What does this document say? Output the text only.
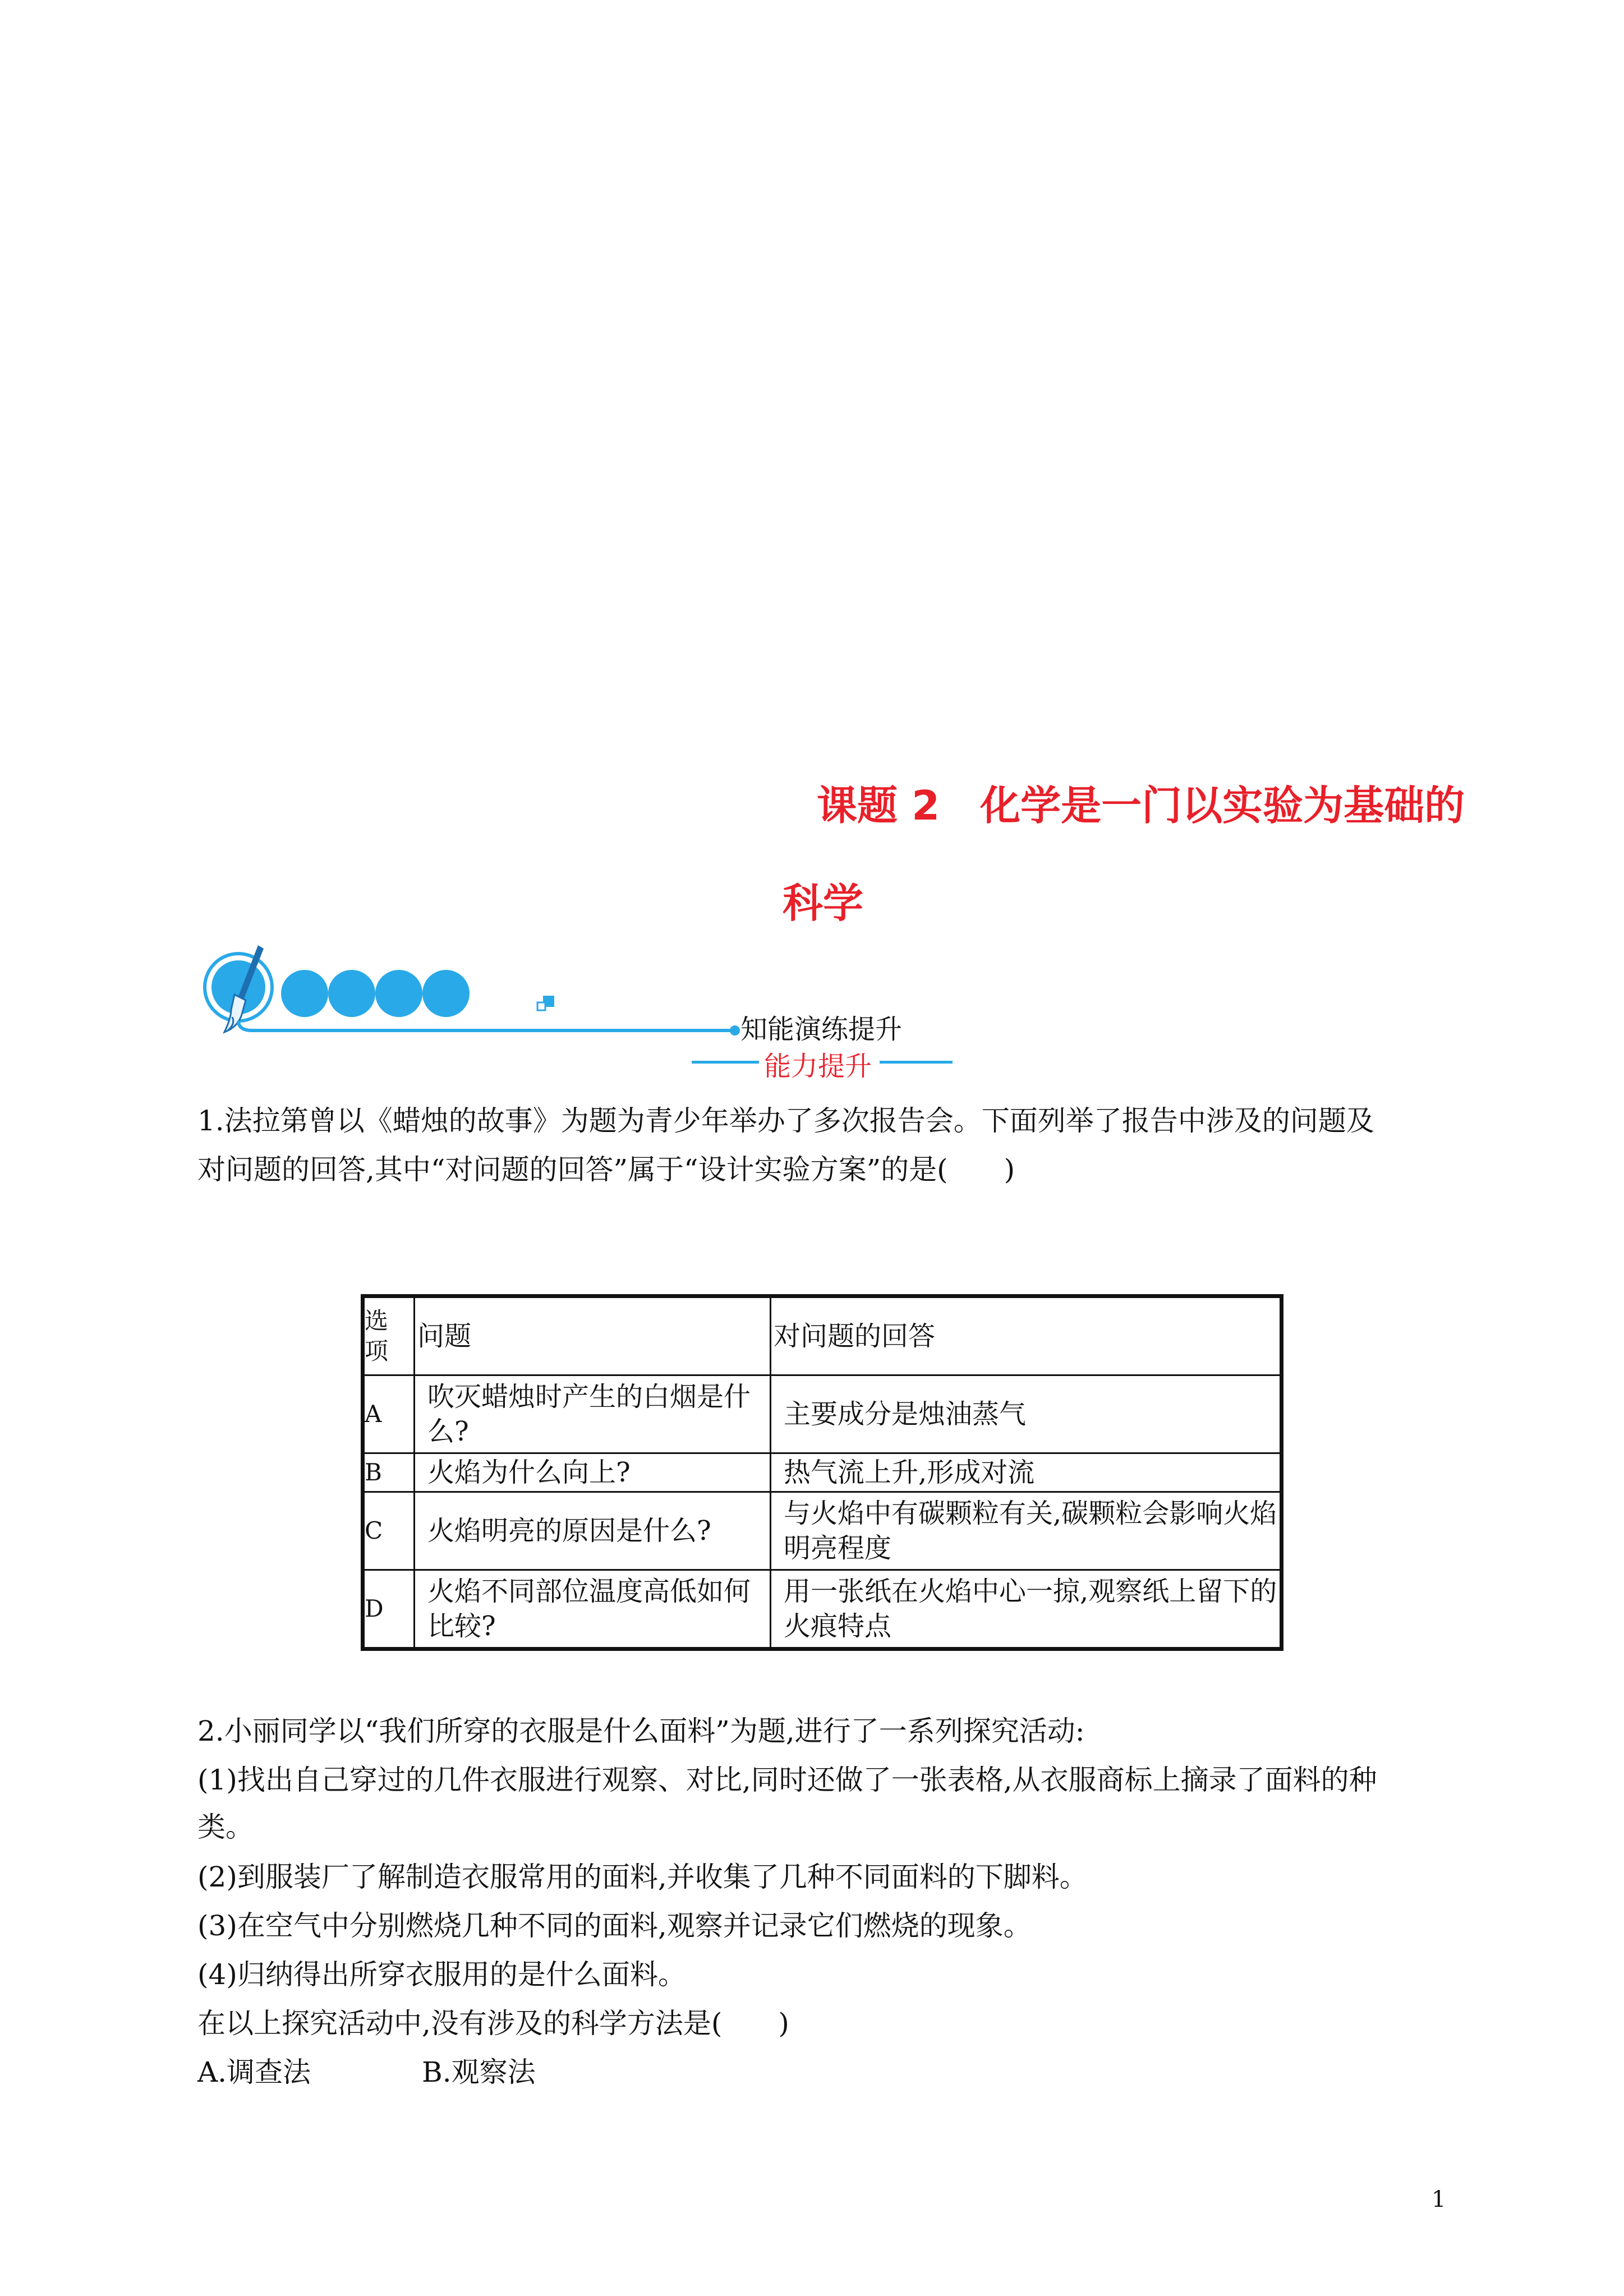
课题 2　化学是一门以实验为基础的
科学
知能演练提升
能力提升
1.法拉第曾以《蜡烛的故事》为题为青少年举办了多次报告会。下面列举了报告中涉及的问题及
对问题的回答,其中“对问题的回答”属于“设计实验方案”的是(　　)
选项	问题	对问题的回答
A	吹灭蜡烛时产生的白烟是什么?	主要成分是烛油蒸气
B	火焰为什么向上?	热气流上升,形成对流
C	火焰明亮的原因是什么?	与火焰中有碳颗粒有关,碳颗粒会影响火焰明亮程度
D	火焰不同部位温度高低如何比较?	用一张纸在火焰中心一掠,观察纸上留下的火痕特点
2.小丽同学以“我们所穿的衣服是什么面料”为题,进行了一系列探究活动:
(1)找出自己穿过的几件衣服进行观察、对比,同时还做了一张表格,从衣服商标上摘录了面料的种
类。
(2)到服装厂了解制造衣服常用的面料,并收集了几种不同面料的下脚料。
(3)在空气中分别燃烧几种不同的面料,观察并记录它们燃烧的现象。
(4)归纳得出所穿衣服用的是什么面料。
在以上探究活动中,没有涉及的科学方法是(　　)
A.调查法	B.观察法
1
